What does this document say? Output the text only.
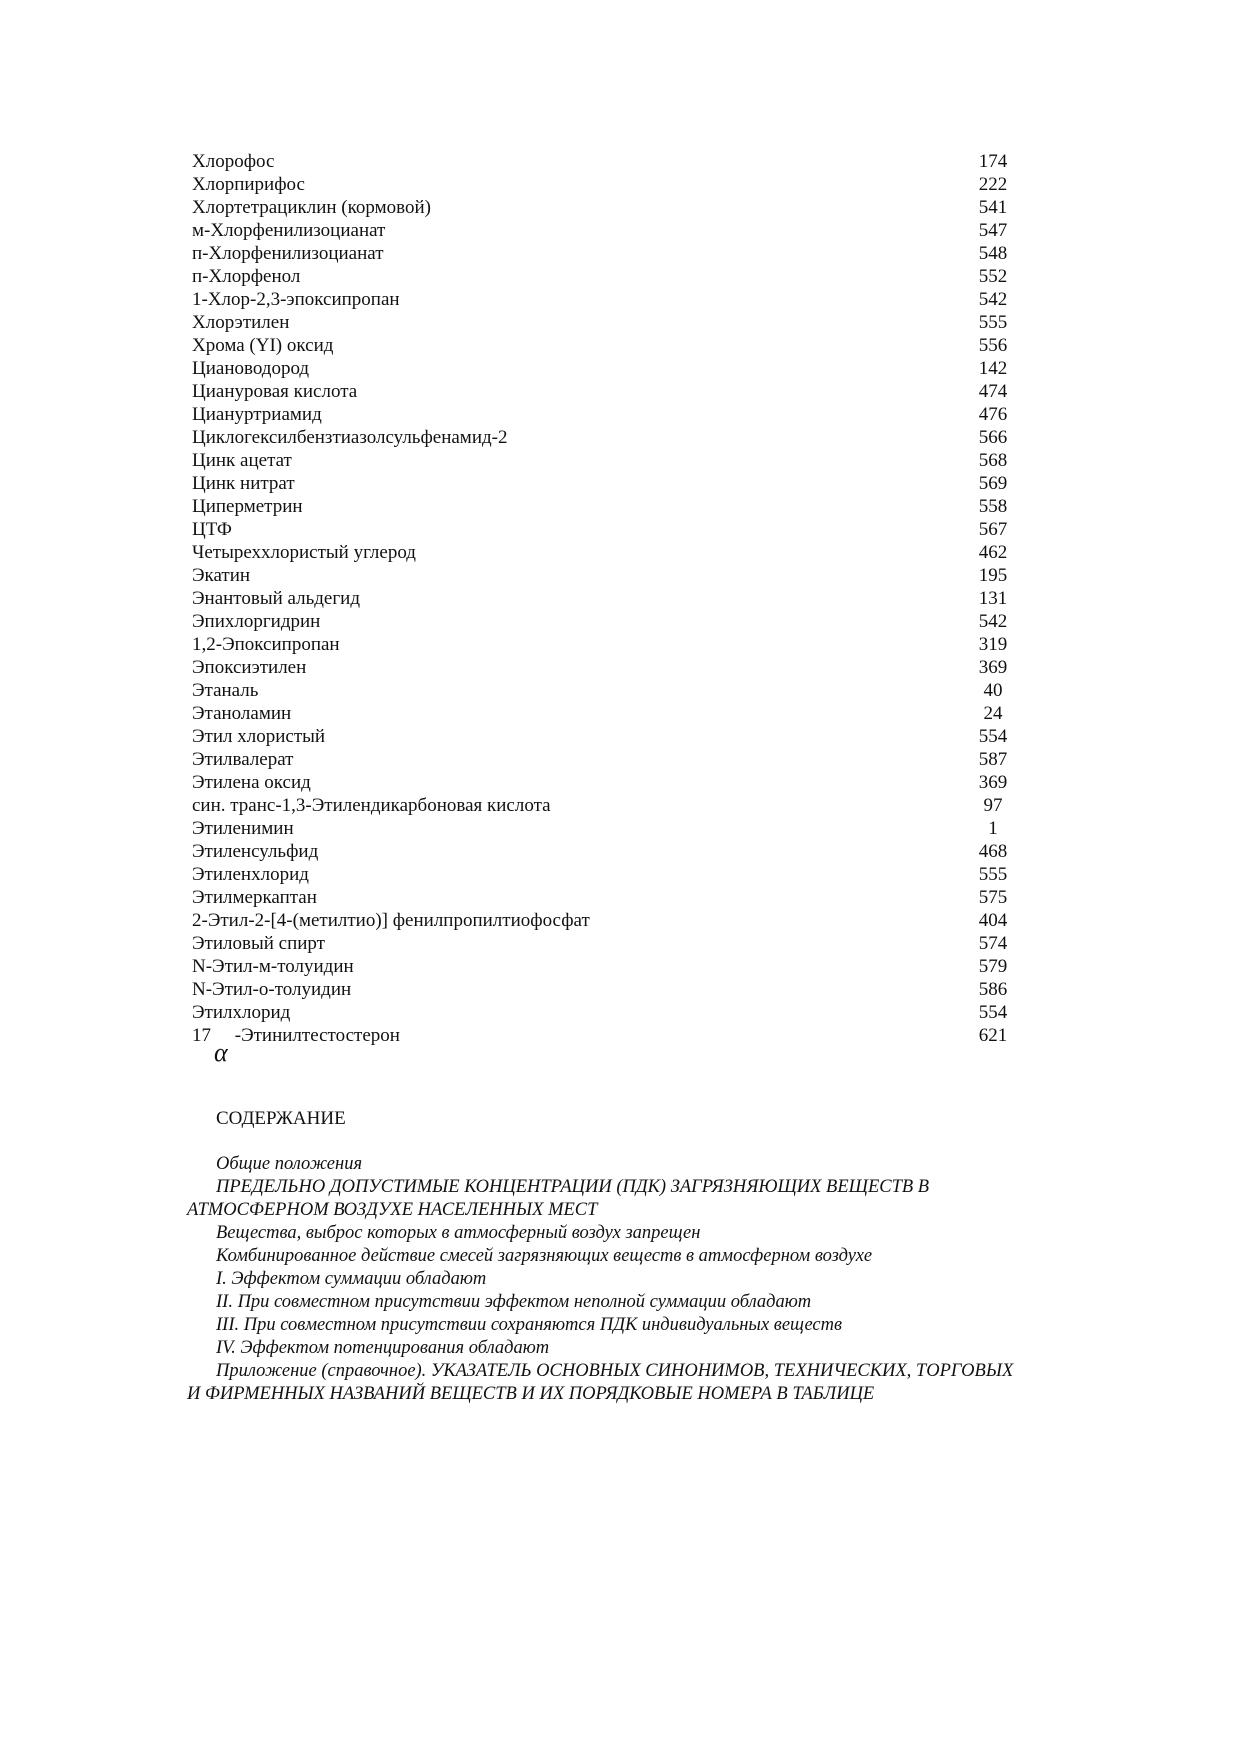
Хлорофос	174
Хлорпирифос	222
Хлортетрациклин (кормовой)	541
м-Хлорфенилизоцианат	547
п-Хлорфенилизоцианат	548
п-Хлорфенол	552
1-Хлор-2,3-эпоксипропан	542
Хлорэтилен	555
Хрома (YI) оксид	556
Циановодород	142
Циануровая кислота	474
Циануртриамид	476
Циклогексилбензтиазолсульфенамид-2	566
Цинк ацетат	568
Цинк нитрат	569
Циперметрин	558
ЦТФ	567
Четыреххлористый углерод	462
Экатин	195
Энантовый альдегид	131
Эпихлоргидрин	542
1,2-Эпоксипропан	319
Эпоксиэтилен	369
Этаналь	40
Этаноламин	24
Этил хлористый	554
Этилвалерат	587
Этилена оксид	369
син. транс-1,3-Этилендикарбоновая кислота	97
Этиленимин	1
Этиленсульфид	468
Этиленхлорид	555
Этилмеркаптан	575
2-Этил-2-[4-(метилтио)] фенилпропилтиофосфат	404
Этиловый спирт	574
N-Этил-м-толуидин	579
N-Этил-о-толуидин	586
Этилхлорид	554
17     -Этинилтестостерон	621
α
СОДЕРЖАНИЕ

Общие положения

ПРЕДЕЛЬНО ДОПУСТИМЫЕ КОНЦЕНТРАЦИИ (ПДК) ЗАГРЯЗНЯЮЩИХ ВЕЩЕСТВ В АТМОСФЕРНОМ ВОЗДУХЕ НАСЕЛЕННЫХ МЕСТ

Вещества, выброс которых в атмосферный воздух запрещен

Комбинированное действие смесей загрязняющих веществ в атмосферном воздухе

I. Эффектом суммации обладают

II. При совместном присутствии эффектом неполной суммации обладают

III. При совместном присутствии сохраняются ПДК индивидуальных веществ

IV. Эффектом потенцирования обладают

Приложение (справочное). УКАЗАТЕЛЬ ОСНОВНЫХ СИНОНИМОВ, ТЕХНИЧЕСКИХ, ТОРГОВЫХ И ФИРМЕННЫХ НАЗВАНИЙ ВЕЩЕСТВ И ИХ ПОРЯДКОВЫЕ НОМЕРА В ТАБЛИЦЕ
